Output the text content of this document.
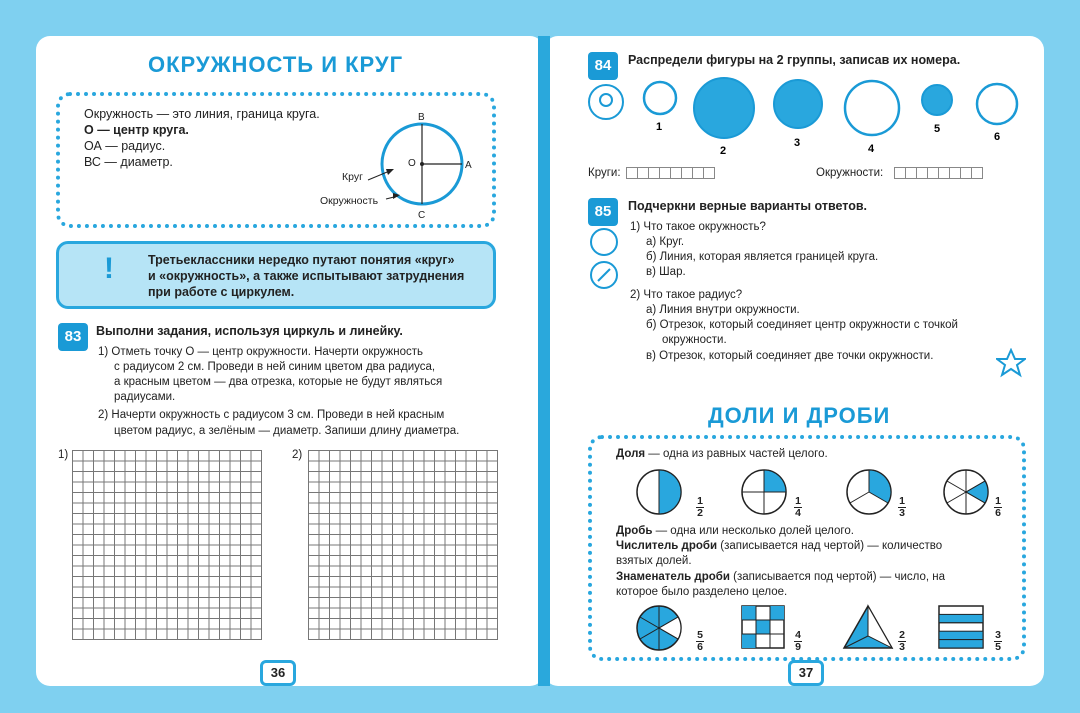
ОКРУЖНОСТЬ И КРУГ
Окружность — это линия, граница круга.
О — центр круга.
ОА — радиус.
ВС — диаметр.
В
О	А
С
Круг
Окружность
!	Третьеклассники нередко путают понятия «круг»
и «окружность», а также испытывают затруднения
при работе с циркулем.
83	Выполни задания, используя циркуль и линейку.
1) Отметь точку О — центр окружности. Начерти окружность
с радиусом 2 см. Проведи в ней синим цветом два радиуса,
а красным цветом — два отрезка, которые не будут являться
радиусами.
2) Начерти окружность с радиусом 3 см. Проведи в ней красным
цветом радиус, а зелёным — диаметр. Запиши длину диаметра.
1)	2)
36
84	Распредели фигуры на 2 группы, записав их номера.
1
2
3	4
5
6
Круги:	Окружности:
85	Подчеркни верные варианты ответов.
1) Что такое окружность?
а) Круг.
б) Линия, которая является границей круга.
в) Шар.
2) Что такое радиус?
а) Линия внутри окружности.
б) Отрезок, который соединяет центр окружности с точкой
окружности.
в) Отрезок, который соединяет две точки окружности.
ДОЛИ И ДРОБИ
Доля — одна из равных частей целого.
1
2
1
4
1
3
1
6
Дробь — одна или несколько долей целого.
Числитель дроби (записывается над чертой) — количество
взятых долей.
Знаменатель дроби (записывается под чертой) — число, на
которое было разделено целое.
5
6
4
9
2
3
3
5
37
